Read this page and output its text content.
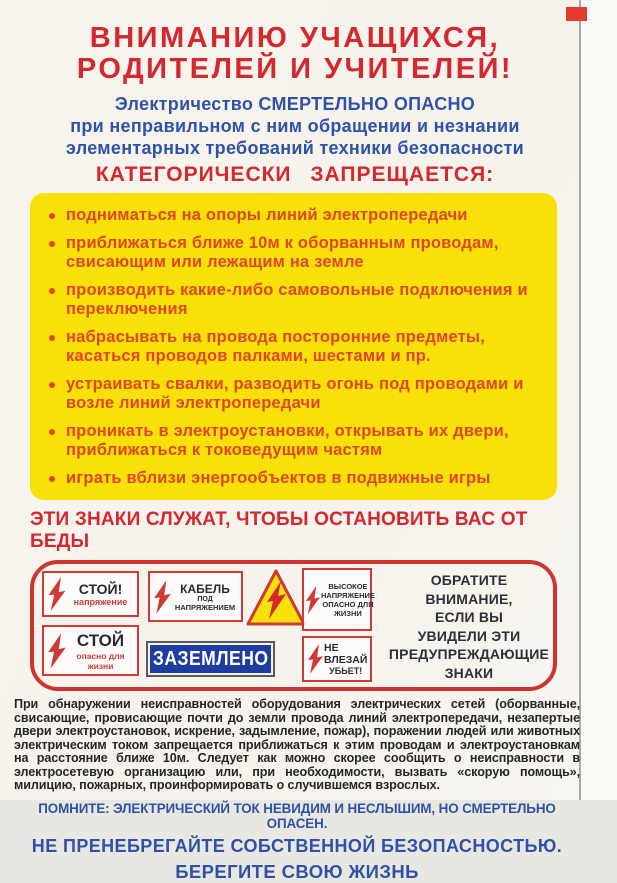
ВНИМАНИЮ УЧАЩИХСЯ,
РОДИТЕЛЕЙ И УЧИТЕЛЕЙ!
Электричество СМЕРТЕЛЬНО ОПАСНО
при неправильном с ним обращении и незнании
элементарных требований техники безопасности
КАТЕГОРИЧЕСКИ ЗАПРЕЩАЕТСЯ:
подниматься на опоры линий электропередачи
приближаться ближе 10м к оборванным проводам, свисающим или лежащим на земле
производить какие-либо самовольные подключения и переключения
набрасывать на провода посторонние предметы, касаться проводов палками, шестами и пр.
устраивать свалки, разводить огонь под проводами и возле линий электропередачи
проникать в электроустановки, открывать их двери, приближаться к токоведущим частям
играть вблизи энергообъектов в подвижные игры
ЭТИ ЗНАКИ СЛУЖАТ, ЧТОБЫ ОСТАНОВИТЬ ВАС ОТ БЕДЫ
СТОЙ!
напряжение
КАБЕЛЬ
ПОД
НАПРЯЖЕНИЕМ
ВЫСОКОЕ
НАПРЯЖЕНИЕ
ОПАСНО ДЛЯ
ЖИЗНИ
СТОЙ
опасно для
жизни ЗАЗЕМЛЕНО	НЕ ВЛЕЗАЙ
УБЬЕТ!
ОБРАТИТЕ
ВНИМАНИЕ,
ЕСЛИ ВЫ
УВИДЕЛИ ЭТИ
ПРЕДУПРЕЖДАЮЩИЕ
ЗНАКИ
При обнаружении неисправностей оборудования электрических сетей (оборванные, свисающие, провисающие почти до земли провода линий электропередачи, незапертые двери электроустановок, искрение, задымление, пожар), поражении людей или животных электрическим током запрещается приближаться к этим проводам и электроустановкам на расстояние ближе 10м. Следует как можно скорее сообщить о неисправности в электросетевую организацию или, при необходимости, вызвать «скорую помощь», милицию, пожарных, проинформировать о случившемся взрослых.
ПОМНИТЕ: ЭЛЕКТРИЧЕСКИЙ ТОК НЕВИДИМ И НЕСЛЫШИМ, НО СМЕРТЕЛЬНО ОПАСЕН.
НЕ ПРЕНЕБРЕГАЙТЕ СОБСТВЕННОЙ БЕЗОПАСНОСТЬЮ.
БЕРЕГИТЕ СВОЮ ЖИЗНЬ
